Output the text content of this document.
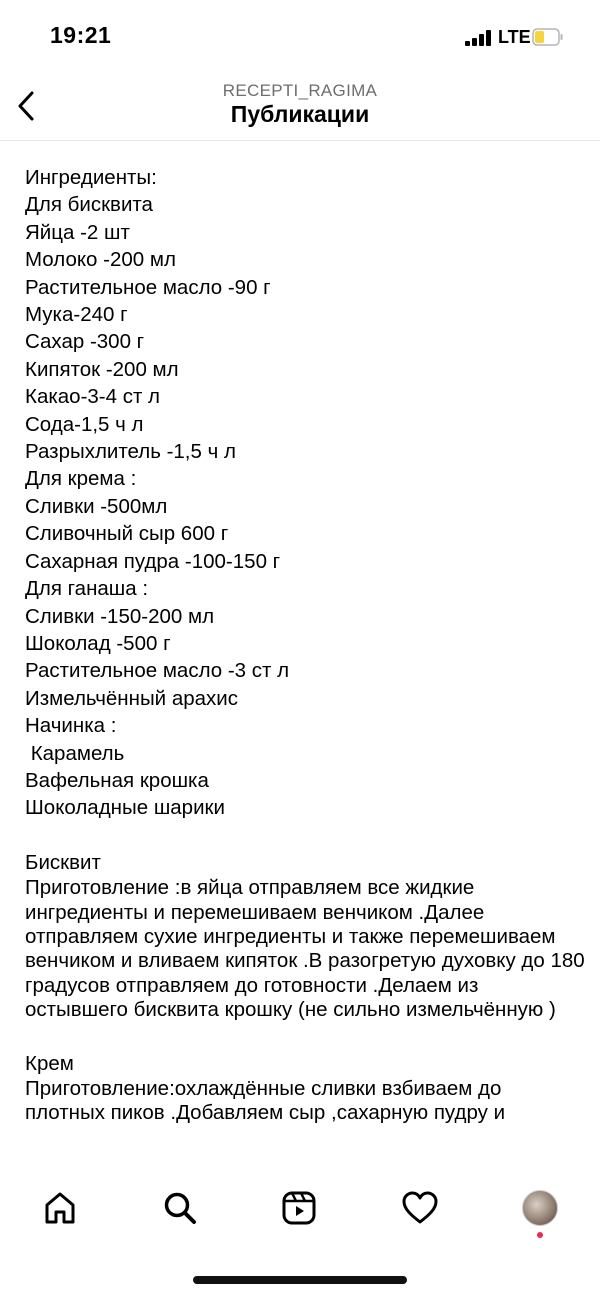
19:21	LTE
RECEPTI_RAGIMA
Публикации

Ингредиенты:

Для бисквита

Яйца -2 шт

Молоко -200 мл

Растительное масло -90 г

Мука-240 г

Сахар -300 г

Кипяток -200 мл

Какао-3-4 ст л

Сода-1,5 ч л

Разрыхлитель -1,5 ч л

Для крема :

Сливки -500мл

Сливочный сыр 600 г

Сахарная пудра -100-150 г

Для ганаша :

Сливки -150-200 мл

Шоколад -500 г

Растительное масло -3 ст л

Измельчённый арахис

Начинка :

Карамель

Вафельная крошка

Шоколадные шарики

Бисквит

Приготовление :в яйца отправляем все жидкие ингредиенты и перемешиваем венчиком .Далее отправляем сухие ингредиенты и также перемешиваем венчиком и вливаем кипяток .В разогретую духовку до 180 градусов отправляем до готовности .Делаем из остывшего бисквита крошку (не сильно измельчённую )

Крем

Приготовление:охлаждённые сливки взбиваем до плотных пиков .Добавляем сыр ,сахарную пудру и
